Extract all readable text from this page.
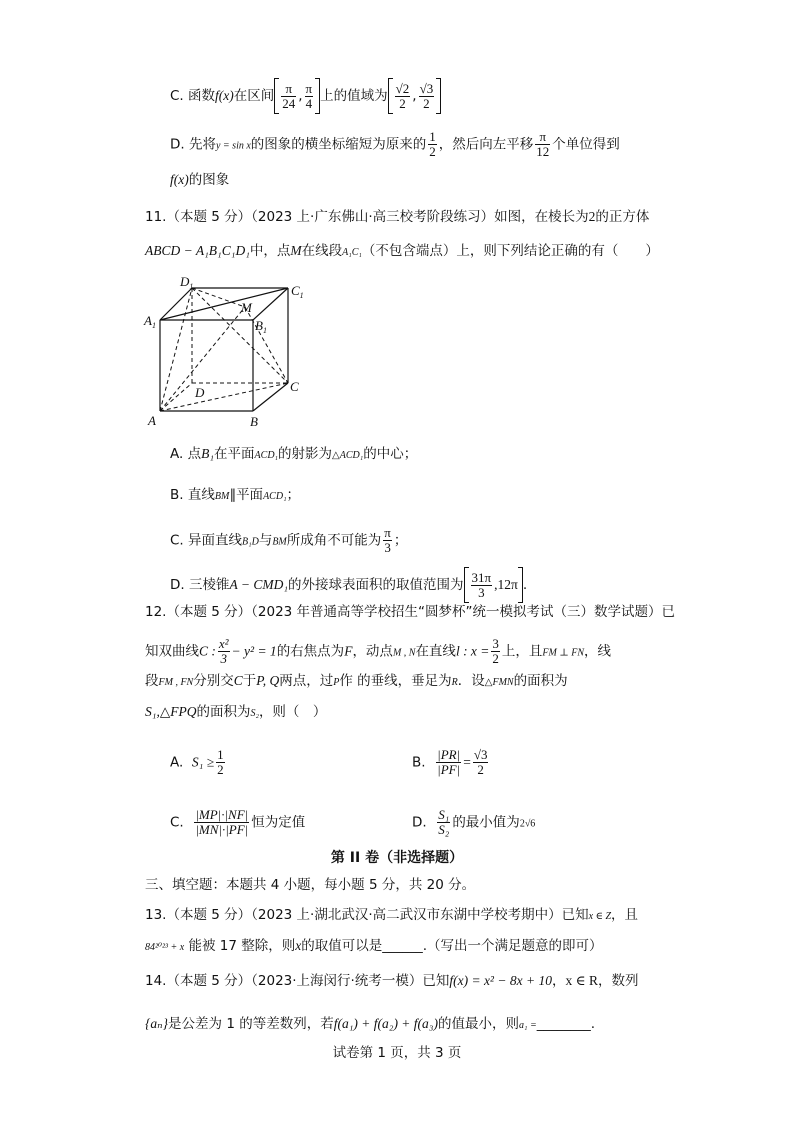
C. 函数f(x)在区间 $\frac{\pi}{24}$ , $\frac{\pi}{4}$ 上的值域为 $\frac{√2}{2}$ , $\frac{√3}{2}$
D. 先将y = sin x的图象的横坐标缩短为原来的 $\frac{1}{2}$ ，然后向左平移 $\frac{\pi}{12}$ 个单位得到
f(x)的图象
11.（本题 5 分）（2023 上·广东佛山·高三校考阶段练习）如图，在棱长为2的正方体
ABCD − A₁B₁C₁D₁中，点M在线段A₁C₁（不包含端点）上，则下列结论正确的有（　　）
$D_1$	$C_1$
$A_1$	$B_1$
M
D	C
A	B
A. 点B₁在平面ACD₁的射影为△ACD₁的中心；
B. 直线BM∥平面ACD₁；
C. 异面直线B₁D与BM所成角不可能为 $\frac{\pi}{3}$ ；
D. 三棱锥A − CMD₁的外接球表面积的取值范围为 $\frac{31\pi}{3} ,12\pi$ .
12.（本题 5 分）（2023 年普通高等学校招生“圆梦杯”统一模拟考试（三）数学试题）已
知双曲线C : $\frac{\text{x²}}{3} - y^2 = 1$的右焦点为F，动点M , N在直线l : $x = \frac{3}{2}$ 上，且FM ⊥ FN，线
段FM , FN分别交C于P, Q两点，过P作 的垂线，垂足为R．设△FMN的面积为
S₁,△FPQ的面积为S₂，则（　）
A. $S_1 \ge \frac{1}{2}$	B. $\frac{|PR|}{|PF|} = \frac{√3}{2}$
C. $\frac{|MP|\cdot|NF|}{|MN|\cdot|PF|}$ 恒为定值	D. $\frac{\text{S₁}}{\text{S₂}}$ 的最小值为2√6
第 II 卷（非选择题）
三、填空题：本题共 4 小题，每小题 5 分，共 20 分。
13.（本题 5 分）（2023 上·湖北武汉·高二武汉市东湖中学校考期中）已知x ∈ Z，且
84²⁰²³ + x 能被 17 整除，则x的取值可以是______.（写出一个满足题意的即可）
14.（本题 5 分）（2023·上海闵行·统考一模）已知f(x) = x² − 8x + 10，x ∈ R，数列
{aₙ}是公差为 1 的等差数列，若f(a₁) + f(a₂) + f(a₃)的值最小，则a₁ =________.
试卷第 1 页，共 3 页
